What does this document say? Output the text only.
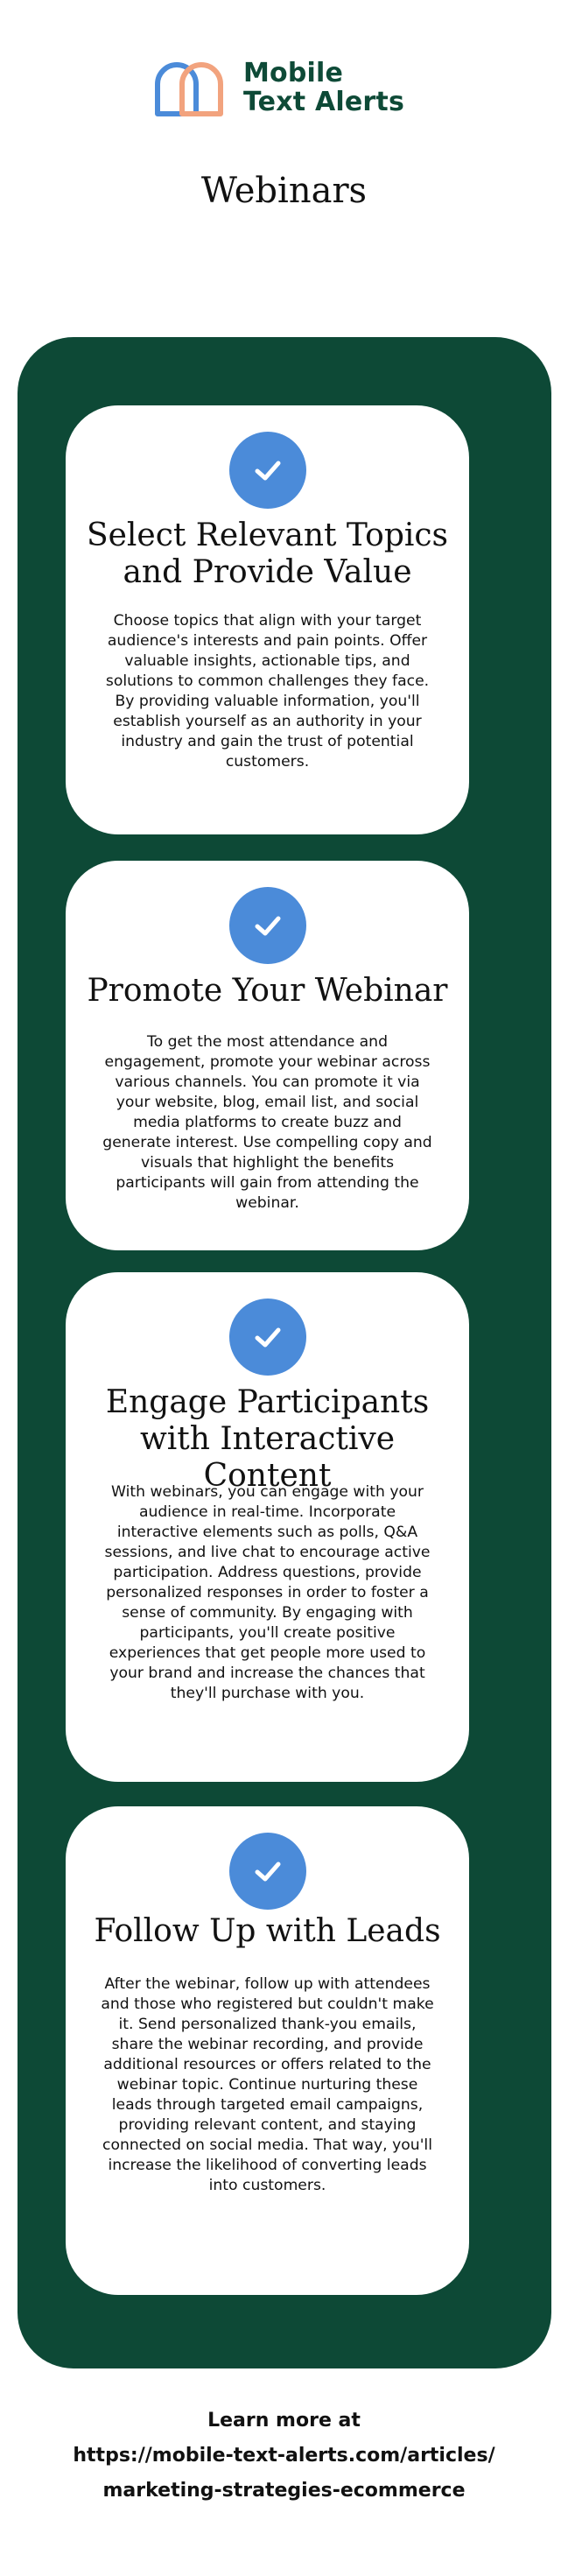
Mobile
Text Alerts
Webinars
Select Relevant Topics and Provide Value
Choose topics that align with your target audience's interests and pain points. Offer valuable insights, actionable tips, and solutions to common challenges they face. By providing valuable information, you'll establish yourself as an authority in your industry and gain the trust of potential customers.
Promote Your Webinar
To get the most attendance and engagement, promote your webinar across various channels. You can promote it via your website, blog, email list, and social media platforms to create buzz and generate interest. Use compelling copy and visuals that highlight the benefits participants will gain from attending the webinar.
Engage Participants with Interactive Content
With webinars, you can engage with your audience in real-time. Incorporate interactive elements such as polls, Q&A sessions, and live chat to encourage active participation. Address questions, provide personalized responses in order to foster a sense of community. By engaging with participants, you'll create positive experiences that get people more used to your brand and increase the chances that they'll purchase with you.
Follow Up with Leads
After the webinar, follow up with attendees and those who registered but couldn't make it. Send personalized thank-you emails, share the webinar recording, and provide additional resources or offers related to the webinar topic. Continue nurturing these leads through targeted email campaigns, providing relevant content, and staying connected on social media. That way, you'll increase the likelihood of converting leads into customers.
Learn more at
https://mobile-text-alerts.com/articles/
marketing-strategies-ecommerce
